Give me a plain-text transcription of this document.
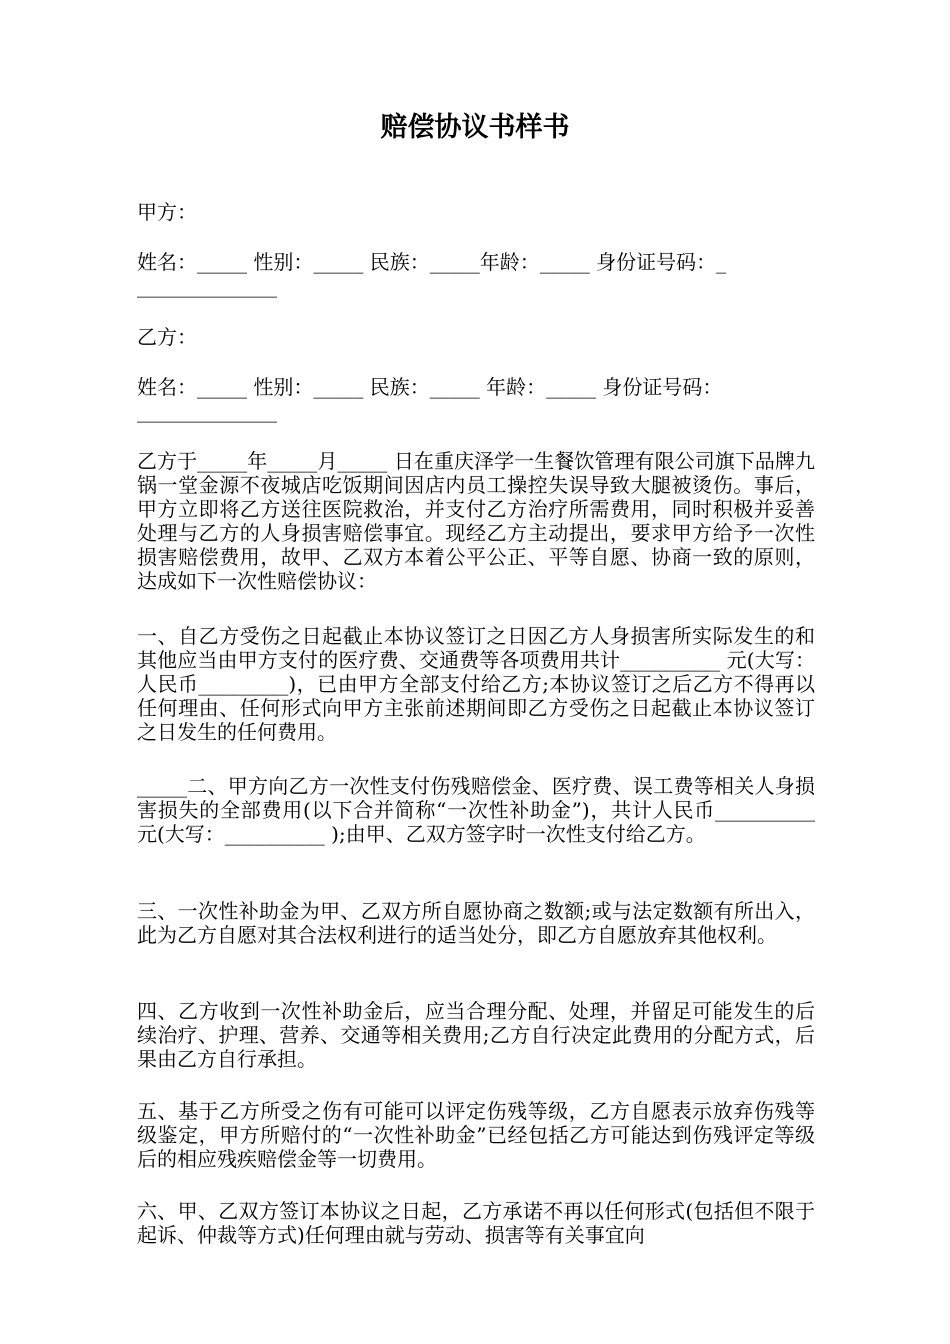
赔偿协议书样书
甲方：
姓名：_____ 性别：_____ 民族：_____年龄：_____ 身份证号码：_
______________
乙方：
姓名：_____ 性别：_____ 民族：_____ 年龄：_____ 身份证号码：
______________
乙方于_____年_____月_____ 日在重庆泽学一生餐饮管理有限公司旗下品牌九锅一堂金源不夜城店吃饭期间因店内员工操控失误导致大腿被烫伤。事后，甲方立即将乙方送往医院救治，并支付乙方治疗所需费用，同时积极并妥善处理与乙方的人身损害赔偿事宜。现经乙方主动提出，要求甲方给予一次性损害赔偿费用，故甲、乙双方本着公平公正、平等自愿、协商一致的原则，达成如下一次性赔偿协议：
一、自乙方受伤之日起截止本协议签订之日因乙方人身损害所实际发生的和其他应当由甲方支付的医疗费、交通费等各项费用共计__________ 元(大写：人民币_________)，已由甲方全部支付给乙方;本协议签订之后乙方不得再以任何理由、任何形式向甲方主张前述期间即乙方受伤之日起截止本协议签订之日发生的任何费用。
_____二、甲方向乙方一次性支付伤残赔偿金、医疗费、误工费等相关人身损害损失的全部费用(以下合并简称“一次性补助金”)，共计人民币__________ 元(大写：__________ );由甲、乙双方签字时一次性支付给乙方。
三、一次性补助金为甲、乙双方所自愿协商之数额;或与法定数额有所出入，此为乙方自愿对其合法权利进行的适当处分，即乙方自愿放弃其他权利。
四、乙方收到一次性补助金后，应当合理分配、处理，并留足可能发生的后续治疗、护理、营养、交通等相关费用;乙方自行决定此费用的分配方式，后果由乙方自行承担。
五、基于乙方所受之伤有可能可以评定伤残等级，乙方自愿表示放弃伤残等级鉴定，甲方所赔付的“一次性补助金”已经包括乙方可能达到伤残评定等级后的相应残疾赔偿金等一切费用。
六、甲、乙双方签订本协议之日起，乙方承诺不再以任何形式(包括但不限于起诉、仲裁等方式)任何理由就与劳动、损害等有关事宜向
